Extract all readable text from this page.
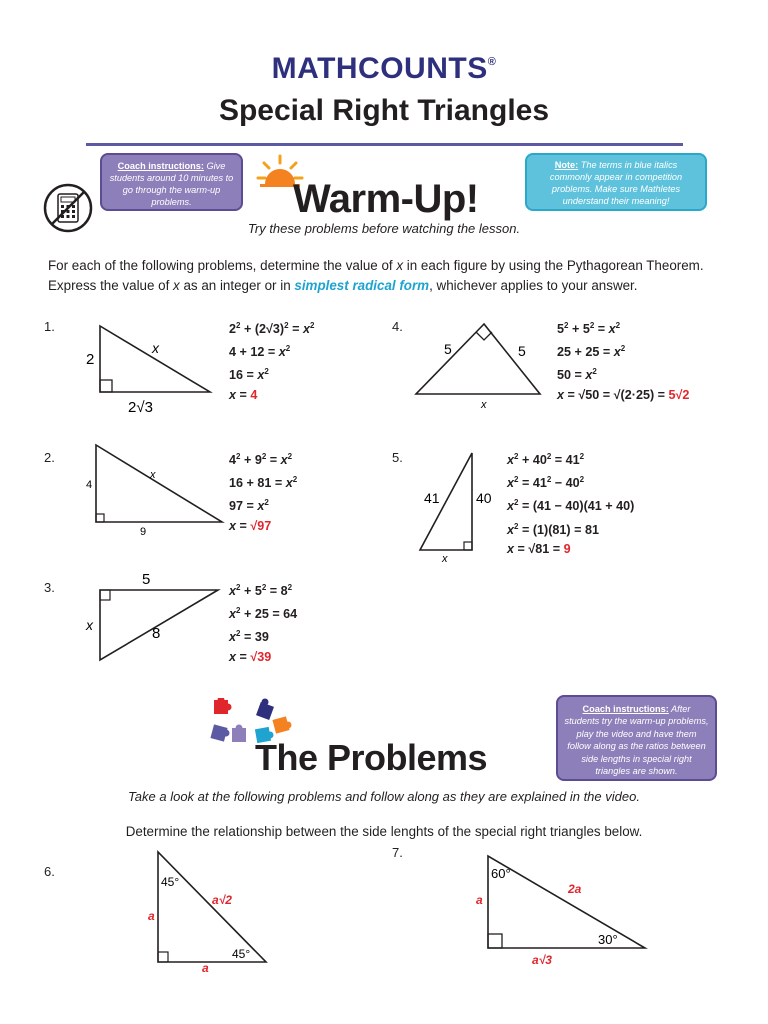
MATHCOUNTS®
Special Right Triangles
Coach instructions: Give students around 10 minutes to go through the warm-up problems.	Warm-Up!
Note: The terms in blue italics commonly appear in competition problems. Make sure Mathletes understand their meaning!
Try these problems before watching the lesson.
For each of the following problems, determine the value of x in each figure by using the Pythagorean Theorem. Express the value of x as an integer or in simplest radical form, whichever applies to your answer.
1.
2
x
2√3
$2^2 + (2√3)^2 = x^2$
$4 + 12 = x^2$
$16 = x^2$
x = 4
4.
5	5
x
$5^2 + 5^2 = x^2$
$25 + 25 = x^2$
$50 = x^2$
x = √50 = √(2·25) = 5√2
2.
4
x
9
$4^2 + 9^2 = x^2$
$16 + 81 = x^2$
$97 = x^2$
x = √97
5.
41	40
x
$x^2 + 40^2 = 41^2$
$x^2 = 41^2 - 40^2$
$x^2 = (41 - 40)(41 + 40)$
$x^2 = (1)(81) = 81$
x = √81 = 9
3.	5
x	8
$x^2 + 5^2 = 8^2$
$x^2 + 25 = 64$
$x^2 = 39$
x = √39
The Problems
Coach instructions: After students try the warm-up problems, play the video and have them follow along as the ratios between side lengths in special right triangles are shown.
Take a look at the following problems and follow along as they are explained in the video.
Determine the relationship between the side lenghts of the special right triangles below.
6.
45°
45°
a
a
a√2
7.
60°
30°
a
a√3
2a
